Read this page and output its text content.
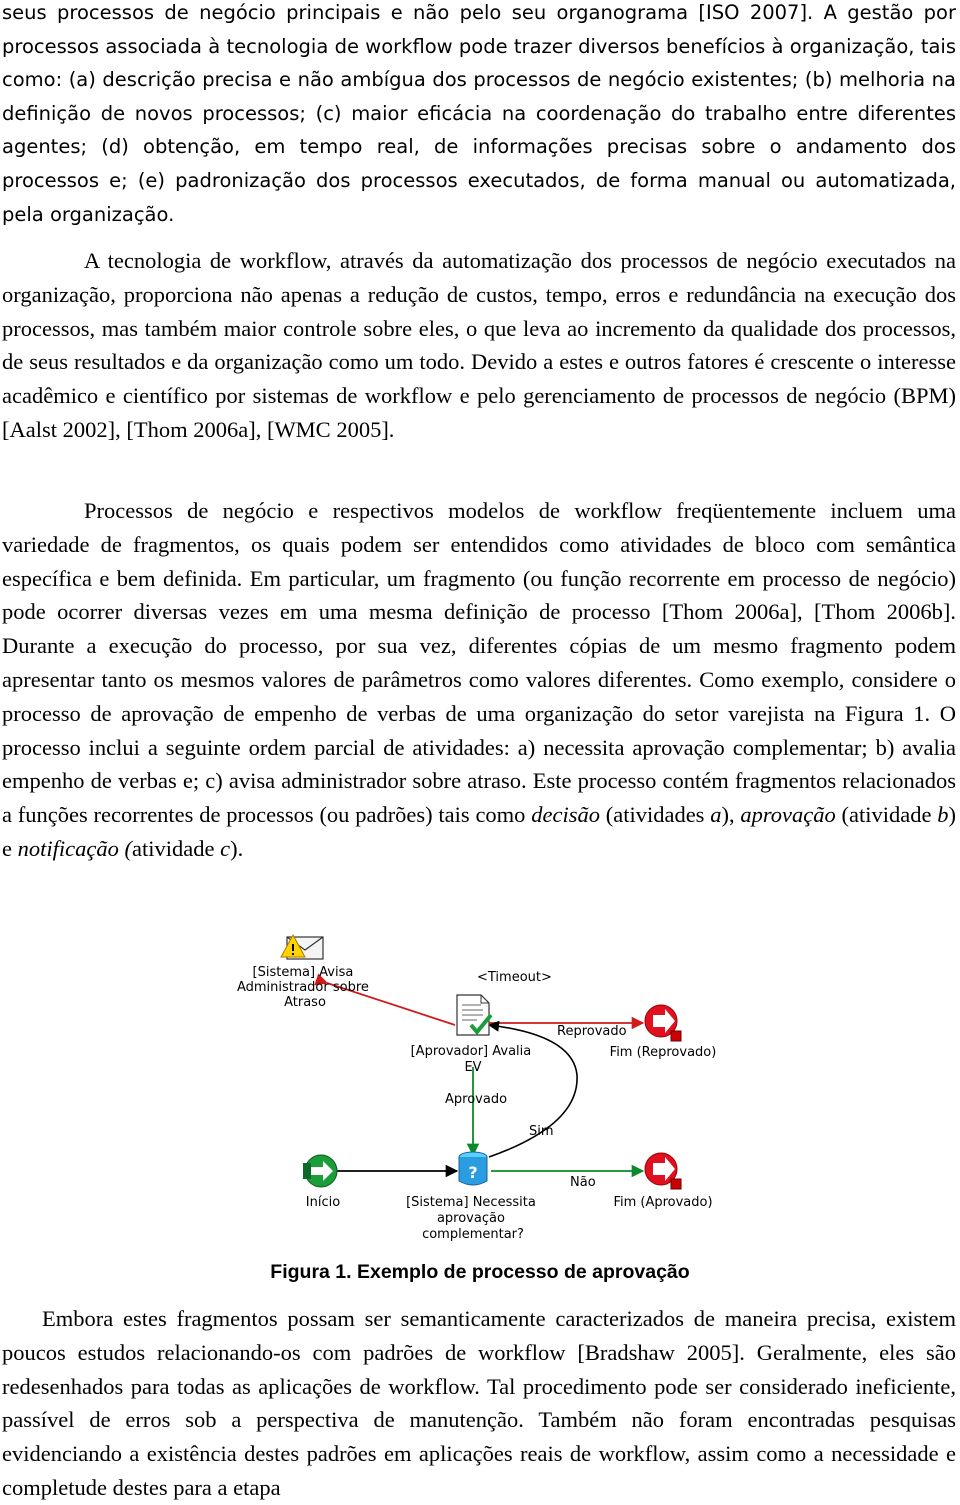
seus processos de negócio principais e não pelo seu organograma [ISO 2007]. A gestão por processos associada à tecnologia de workflow pode trazer diversos benefícios à organização, tais como: (a) descrição precisa e não ambígua dos processos de negócio existentes; (b) melhoria na definição de novos processos; (c) maior eficácia na coordenação do trabalho entre diferentes agentes; (d) obtenção, em tempo real, de informações precisas sobre o andamento dos processos e; (e) padronização dos processos executados, de forma manual ou automatizada, pela organização.

A tecnologia de workflow, através da automatização dos processos de negócio executados na organização, proporciona não apenas a redução de custos, tempo, erros e redundância na execução dos processos, mas também maior controle sobre eles, o que leva ao incremento da qualidade dos processos, de seus resultados e da organização como um todo. Devido a estes e outros fatores é crescente o interesse acadêmico e científico por sistemas de workflow e pelo gerenciamento de processos de negócio (BPM) [Aalst 2002], [Thom 2006a], [WMC 2005].

Processos de negócio e respectivos modelos de workflow freqüentemente incluem uma variedade de fragmentos, os quais podem ser entendidos como atividades de bloco com semântica específica e bem definida. Em particular, um fragmento (ou função recorrente em processo de negócio) pode ocorrer diversas vezes em uma mesma definição de processo [Thom 2006a], [Thom 2006b]. Durante a execução do processo, por sua vez, diferentes cópias de um mesmo fragmento podem apresentar tanto os mesmos valores de parâmetros como valores diferentes. Como exemplo, considere o processo de aprovação de empenho de verbas de uma organização do setor varejista na Figura 1. O processo inclui a seguinte ordem parcial de atividades: a) necessita aprovação complementar; b) avalia empenho de verbas e; c) avisa administrador sobre atraso. Este processo contém fragmentos relacionados a funções recorrentes de processos (ou padrões) tais como decisão (atividades a), aprovação (atividade b) e notificação (atividade c).

[Sistema] Avisa Administrador sobre Atraso
[Aprovador] Avalia EV
<Timeout>
Reprovado
Aprovado
Sim
Não
Fim (Reprovado)
Início
?
[Sistema] Necessita aprovação complementar?
Fim (Aprovado)
Figura 1. Exemplo de processo de aprovação

Embora estes fragmentos possam ser semanticamente caracterizados de maneira precisa, existem poucos estudos relacionando-os com padrões de workflow [Bradshaw 2005]. Geralmente, eles são redesenhados para todas as aplicações de workflow. Tal procedimento pode ser considerado ineficiente, passível de erros sob a perspectiva de manutenção. Também não foram encontradas pesquisas evidenciando a existência destes padrões em aplicações reais de workflow, assim como a necessidade e completude destes para a etapa
